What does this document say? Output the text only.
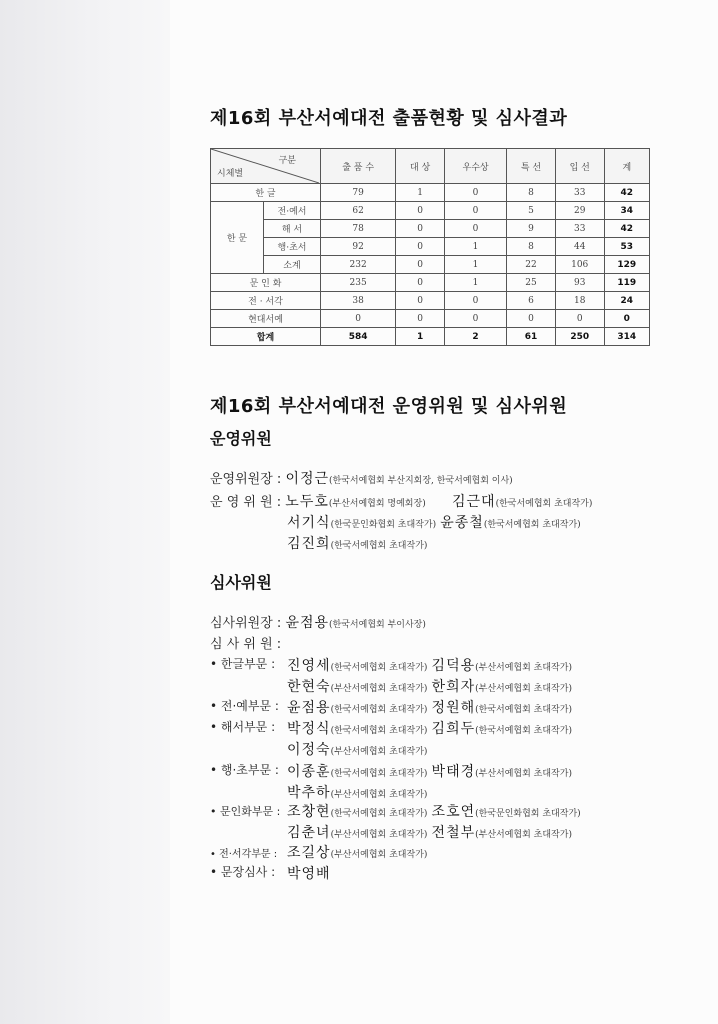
제16회 부산서예대전 출품현황 및 심사결과
구분
시체별		출 품 수	대 상	우수상	특 선	입 선	계
한 글		79	1	0	8	33	42
한 문	전·예서	62	0	0	5	29	34
	해 서	78	0	0	9	33	42
	행·초서	92	0	1	8	44	53
	소계	232	0	1	22	106	129
문 인 화		235	0	1	25	93	119
전 · 서각		38	0	0	6	18	24
현대서예		0	0	0	0	0	0
합계		584	1	2	61	250	314
제16회 부산서예대전 운영위원 및 심사위원
운영위원
운영위원장 : 이정근(한국서예협회 부산지회장, 한국서예협회 이사)
운 영 위 원 : 노두호(부산서예협회 명예회장) 김근대(한국서예협회 초대작가)
서기식(한국문인화협회 초대작가) 윤종철(한국서예협회 초대작가)
김진희(한국서예협회 초대작가)
심사위원
심사위원장 : 윤점용(한국서예협회 부이사장)
심 사 위 원 :
• 한글부문 : 진영세(한국서예협회 초대작가) 김덕용(부산서예협회 초대작가)
한현숙(부산서예협회 초대작가) 한희자(부산서예협회 초대작가)
• 전·예부문 : 윤점용(한국서예협회 초대작가) 정원해(한국서예협회 초대작가)
• 해서부문 : 박정식(한국서예협회 초대작가) 김희두(한국서예협회 초대작가)
이정숙(부산서예협회 초대작가)
• 행·초부문 : 이종훈(한국서예협회 초대작가) 박태경(부산서예협회 초대작가)
박추하(부산서예협회 초대작가)
• 문인화부문 : 조창현(한국서예협회 초대작가) 조호연(한국문인화협회 초대작가)
김춘녀(부산서예협회 초대작가) 전철부(부산서예협회 초대작가)
• 전·서각부문 : 조길상(부산서예협회 초대작가)
• 문장심사 : 박영배
